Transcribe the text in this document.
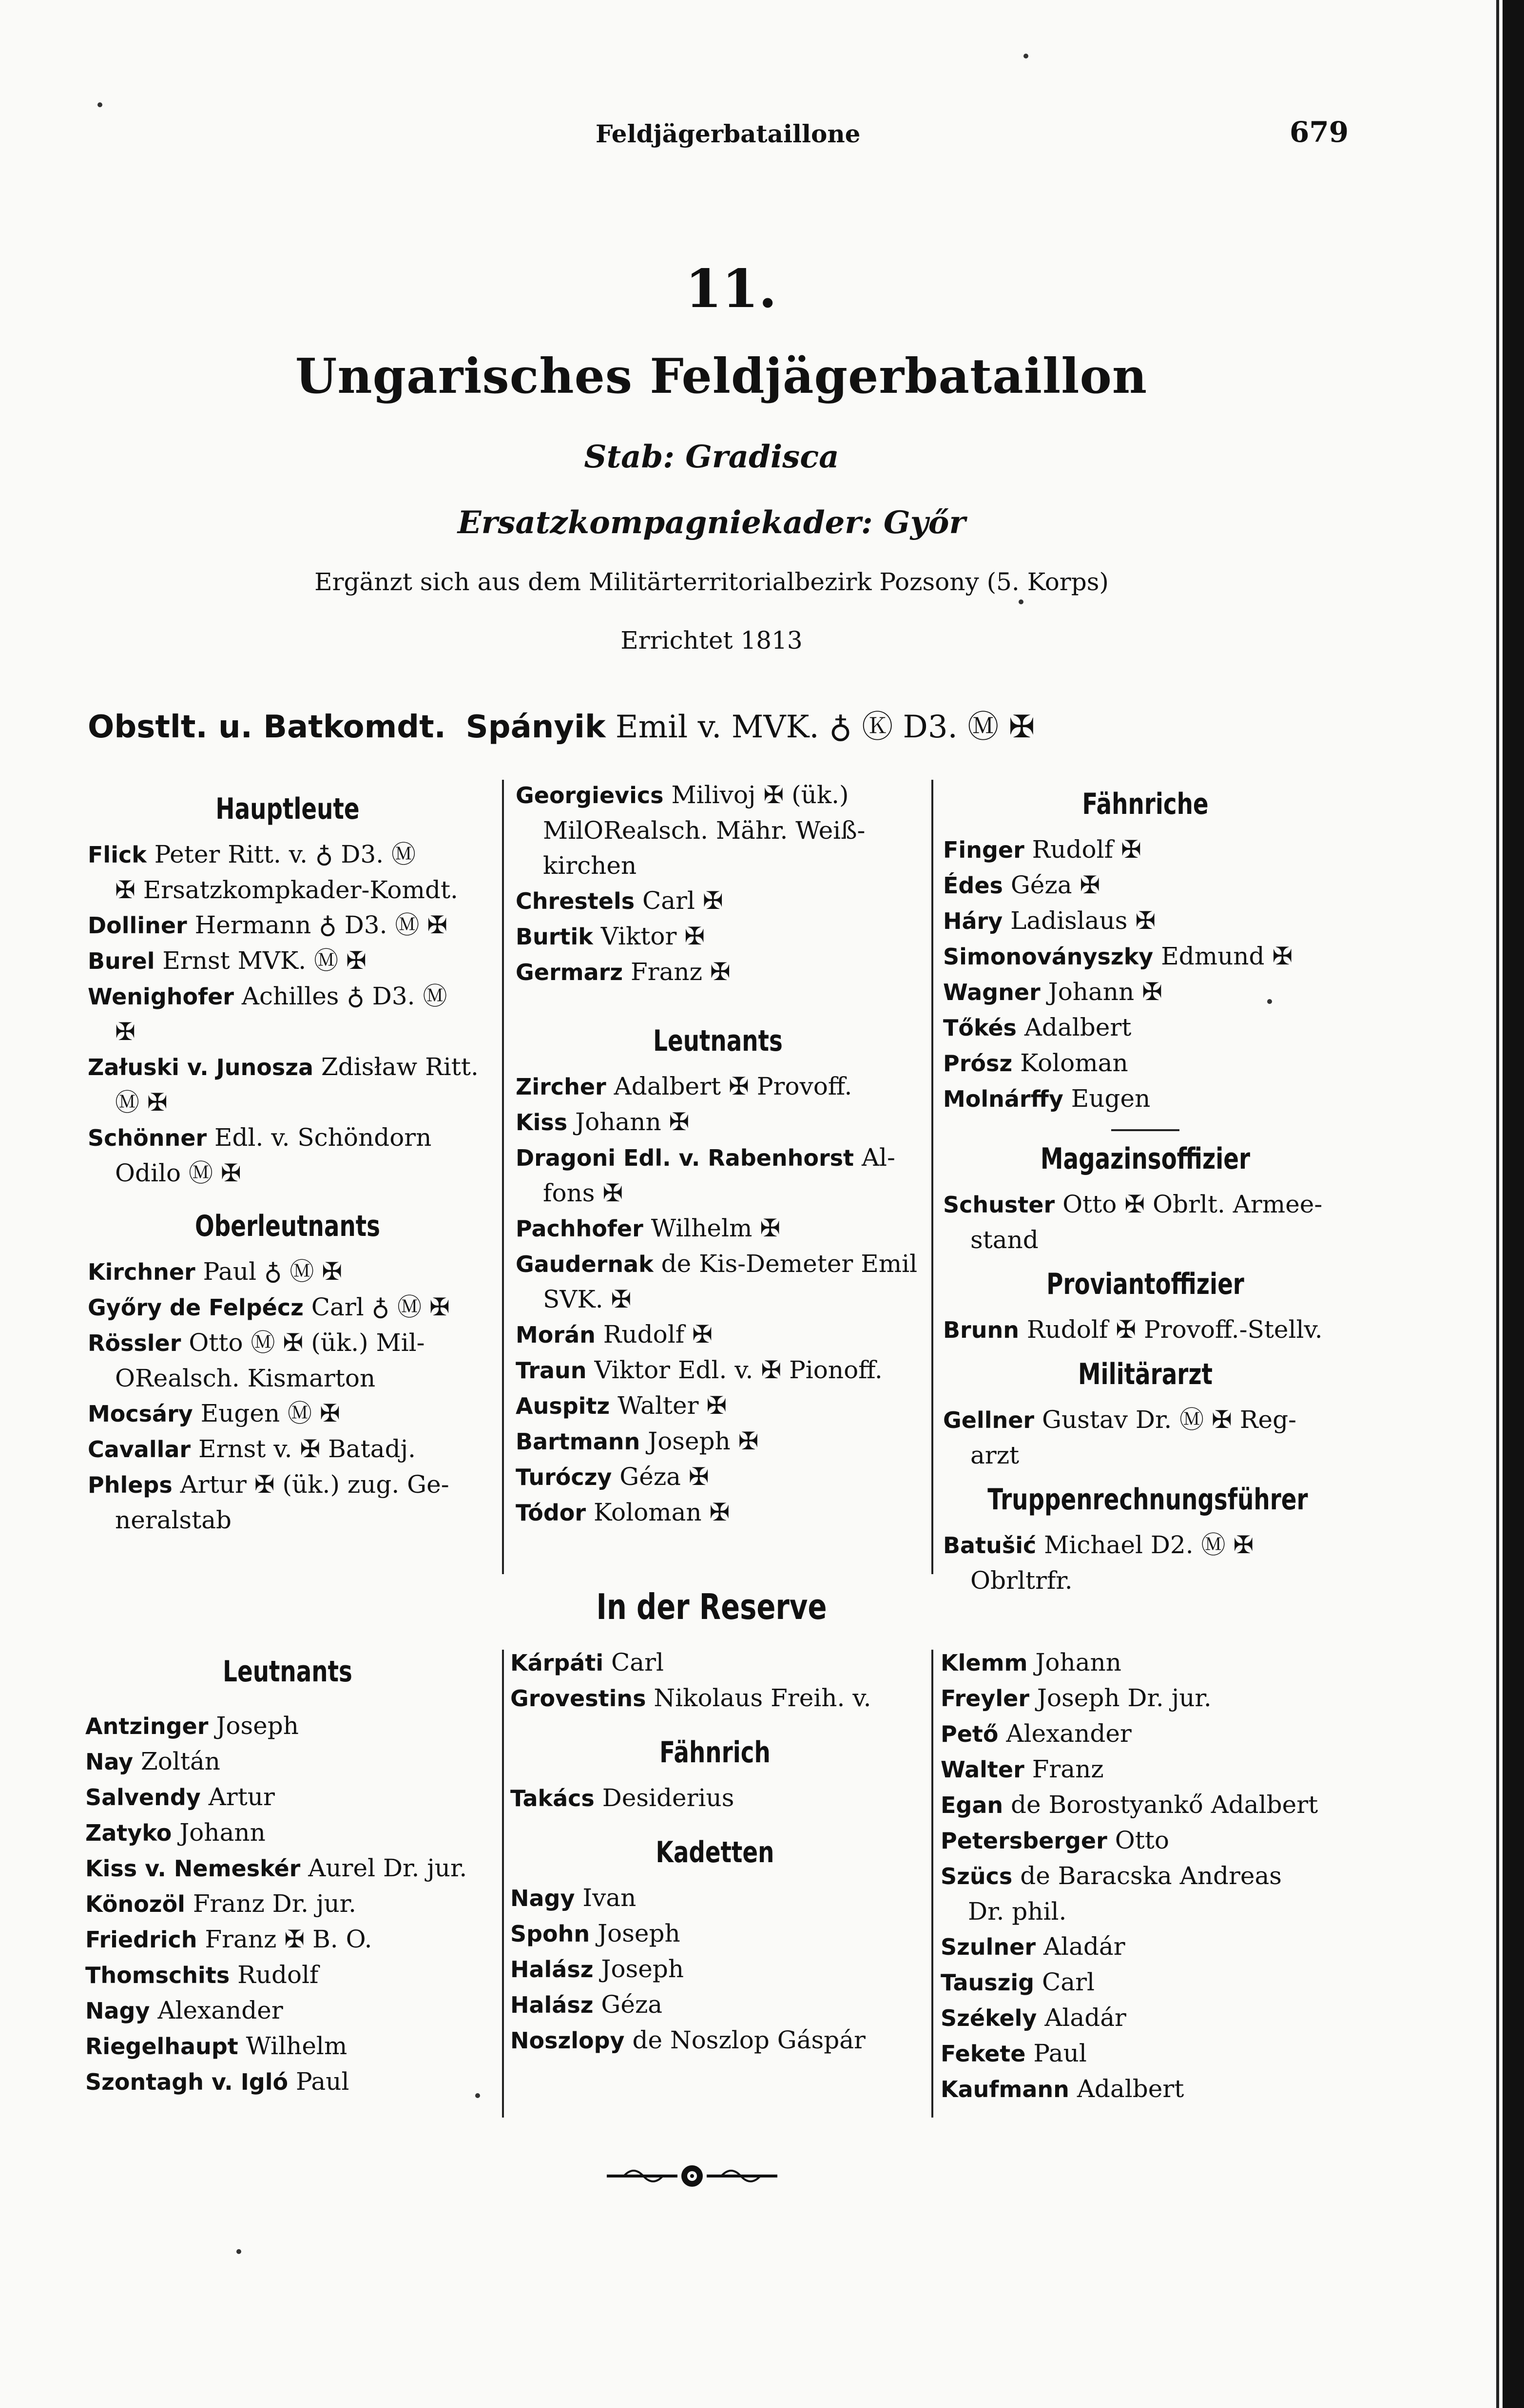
Feldjägerbataillone	679
11.
Ungarisches Feldjägerbataillon
Stab: Gradisca
Ersatzkompagniekader: Győr
Ergänzt sich aus dem Militärterritorialbezirk Pozsony (5. Korps)
Errichtet 1813
Obstlt. u. Batkomdt. Spányik Emil v. MVK. ♁ Ⓚ D3. Ⓜ ✠
Hauptleute
Flick Peter Ritt. v. ♁ D3. Ⓜ
✠ Ersatzkompkader-Komdt.
Dolliner Hermann ♁ D3. Ⓜ ✠
Burel Ernst MVK. Ⓜ ✠
Wenighofer Achilles ♁ D3. Ⓜ
✠
Załuski v. Junosza Zdisław Ritt.
Ⓜ ✠
Schönner Edl. v. Schöndorn
Odilo Ⓜ ✠
Oberleutnants
Kirchner Paul ♁ Ⓜ ✠
Győry de Felpécz Carl ♁ Ⓜ ✠
Rössler Otto Ⓜ ✠ (ük.) Mil-
ORealsch. Kismarton
Mocsáry Eugen Ⓜ ✠
Cavallar Ernst v. ✠ Batadj.
Phleps Artur ✠ (ük.) zug. Ge-
neralstab
Georgievics Milivoj ✠ (ük.)
MilORealsch. Mähr. Weiß-
kirchen
Chrestels Carl ✠
Burtik Viktor ✠
Germarz Franz ✠
Leutnants
Zircher Adalbert ✠ Provoff.
Kiss Johann ✠
Dragoni Edl. v. Rabenhorst Al-
fons ✠
Pachhofer Wilhelm ✠
Gaudernak de Kis-Demeter Emil
SVK. ✠
Morán Rudolf ✠
Traun Viktor Edl. v. ✠ Pionoff.
Auspitz Walter ✠
Bartmann Joseph ✠
Turóczy Géza ✠
Tódor Koloman ✠
Fähnriche
Finger Rudolf ✠
Édes Géza ✠
Háry Ladislaus ✠
Simonoványszky Edmund ✠
Wagner Johann ✠
Tőkés Adalbert
Prósz Koloman
Molnárffy Eugen
Magazinsoffizier
Schuster Otto ✠ Obrlt. Armee-
stand
Proviantoffizier
Brunn Rudolf ✠ Provoff.-Stellv.
Militärarzt
Gellner Gustav Dr. Ⓜ ✠ Reg-
arzt
Truppenrechnungsführer
Batušić Michael D2. Ⓜ ✠
Obrltrfr.
In der Reserve
Leutnants
Antzinger Joseph
Nay Zoltán
Salvendy Artur
Zatyko Johann
Kiss v. Nemeskér Aurel Dr. jur.
Könozöl Franz Dr. jur.
Friedrich Franz ✠ B. O.
Thomschits Rudolf
Nagy Alexander
Riegelhaupt Wilhelm
Szontagh v. Igló Paul
Kárpáti Carl
Grovestins Nikolaus Freih. v.
Fähnrich
Takács Desiderius
Kadetten
Nagy Ivan
Spohn Joseph
Halász Joseph
Halász Géza
Noszlopy de Noszlop Gáspár
Klemm Johann
Freyler Joseph Dr. jur.
Pető Alexander
Walter Franz
Egan de Borostyankő Adalbert
Petersberger Otto
Szücs de Baracska Andreas
Dr. phil.
Szulner Aladár
Tauszig Carl
Székely Aladár
Fekete Paul
Kaufmann Adalbert
